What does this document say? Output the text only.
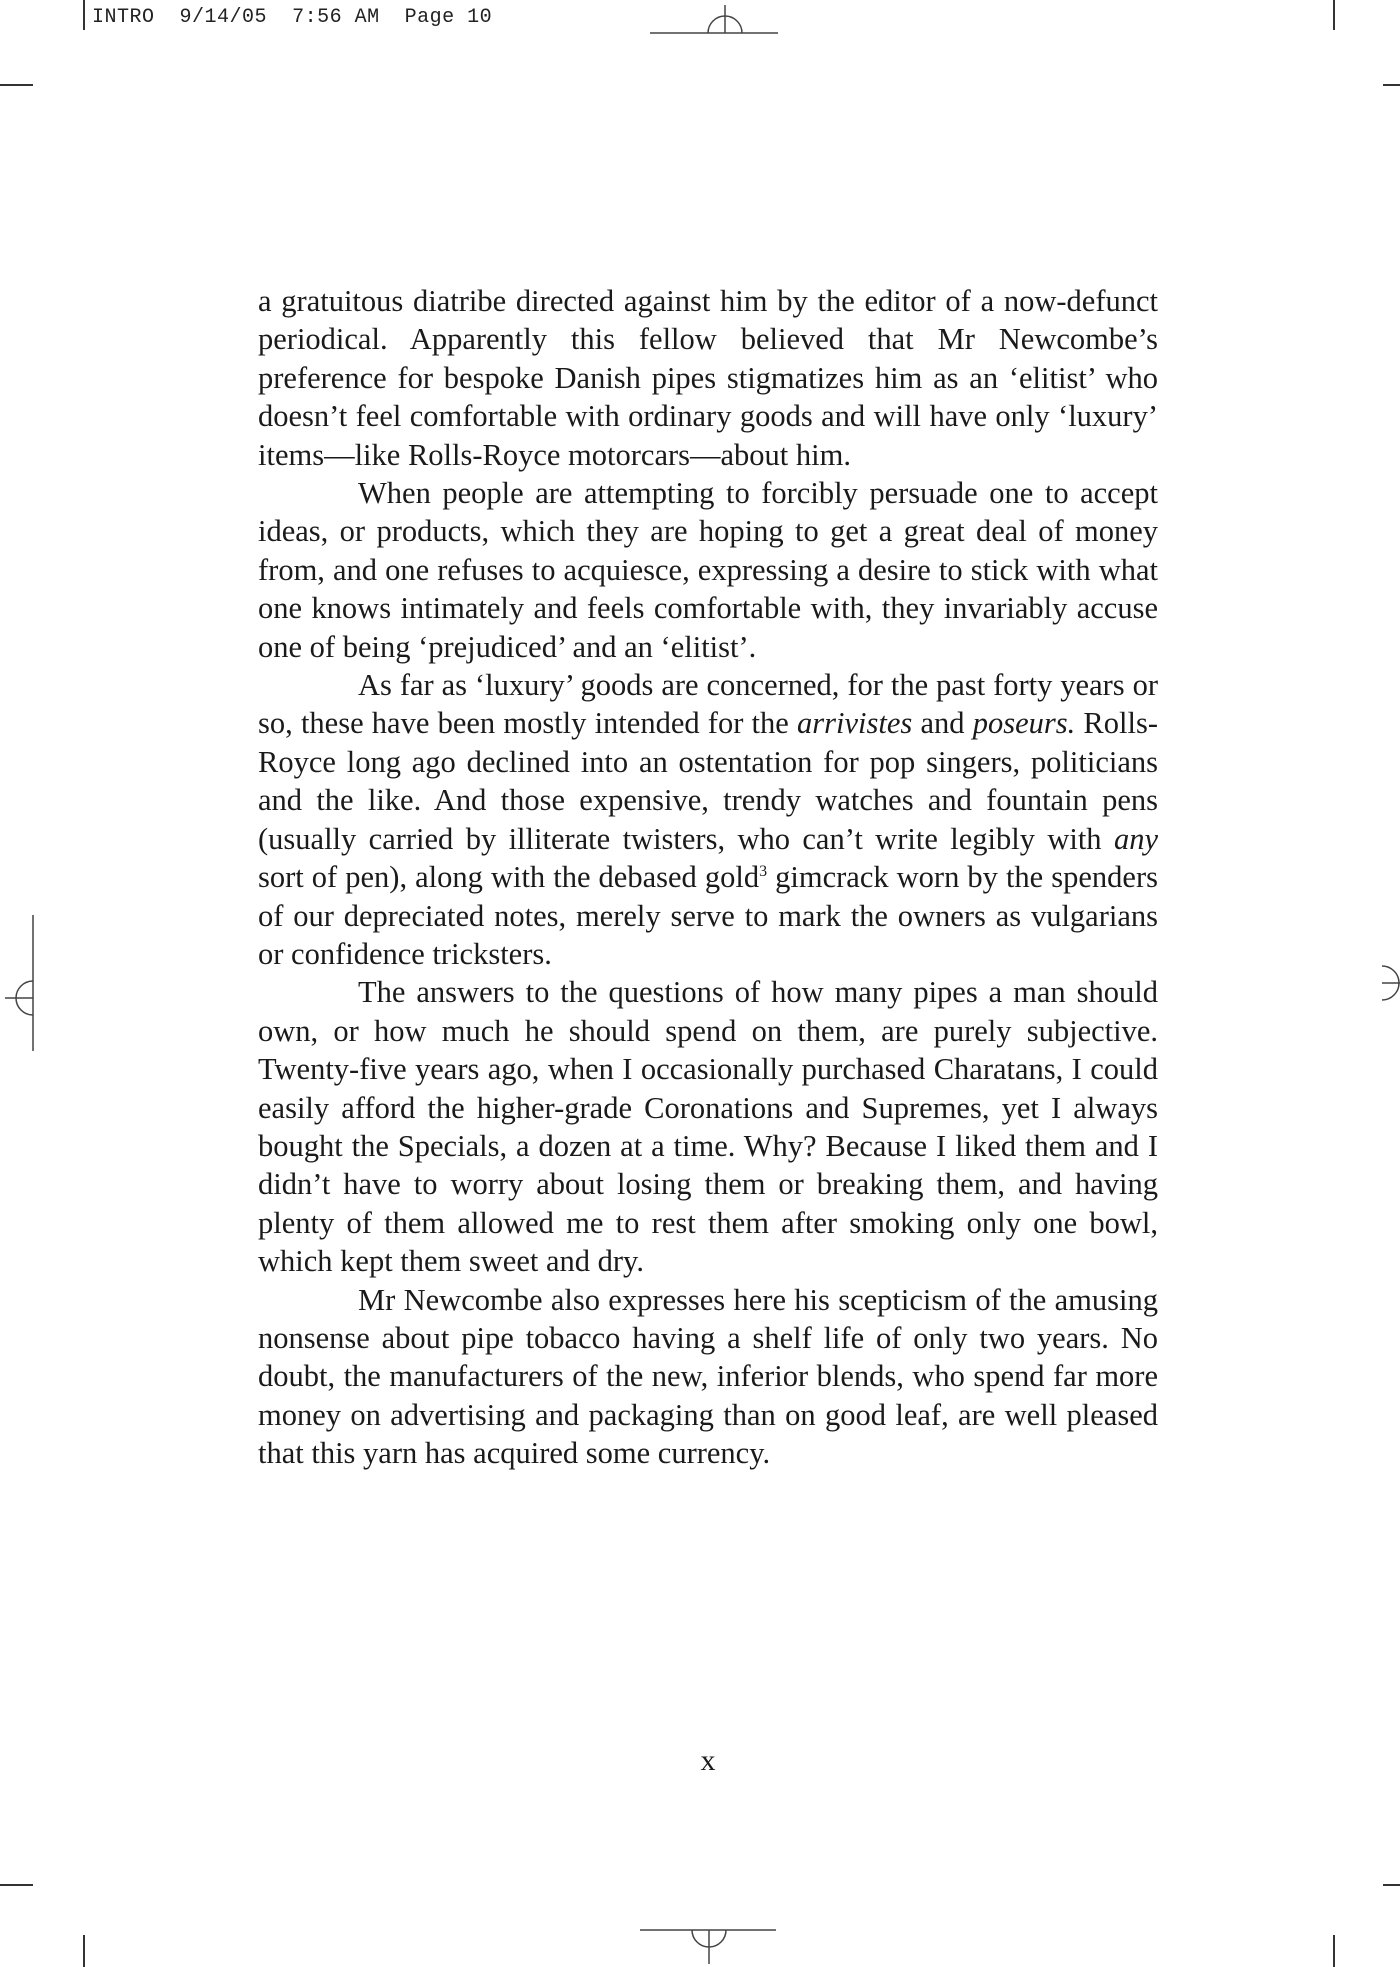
INTRO 9/14/05 7:56 AM Page 10

a gratuitous diatribe directed against him by the editor of a now-defunct periodical. Apparently this fellow believed that Mr Newcombe’s preference for bespoke Danish pipes stigmatizes him as an ‘elitist’ who doesn’t feel comfortable with ordinary goods and will have only ‘luxury’ items—like Rolls-Royce motorcars—about him.

When people are attempting to forcibly persuade one to accept ideas, or products, which they are hoping to get a great deal of money from, and one refuses to acquiesce, expressing a desire to stick with what one knows intimately and feels comfortable with, they invariably accuse one of being ‘prejudiced’ and an ‘elitist’.

As far as ‘luxury’ goods are concerned, for the past forty years or so, these have been mostly intended for the arrivistes and poseurs. Rolls-Royce long ago declined into an ostentation for pop singers, politicians and the like. And those expensive, trendy watches and fountain pens (usually carried by illiterate twisters, who can’t write legibly with any sort of pen), along with the debased gold$^3$ gimcrack worn by the spenders of our depreciated notes, merely serve to mark the owners as vulgarians or confidence tricksters.

The answers to the questions of how many pipes a man should own, or how much he should spend on them, are purely subjective. Twenty-five years ago, when I occasionally purchased Charatans, I could easily afford the higher-grade Coronations and Supremes, yet I always bought the Specials, a dozen at a time. Why? Because I liked them and I didn’t have to worry about losing them or breaking them, and having plenty of them allowed me to rest them after smoking only one bowl, which kept them sweet and dry.

Mr Newcombe also expresses here his scepticism of the amusing nonsense about pipe tobacco having a shelf life of only two years. No doubt, the manufacturers of the new, inferior blends, who spend far more money on advertising and packaging than on good leaf, are well pleased that this yarn has acquired some currency.

x
